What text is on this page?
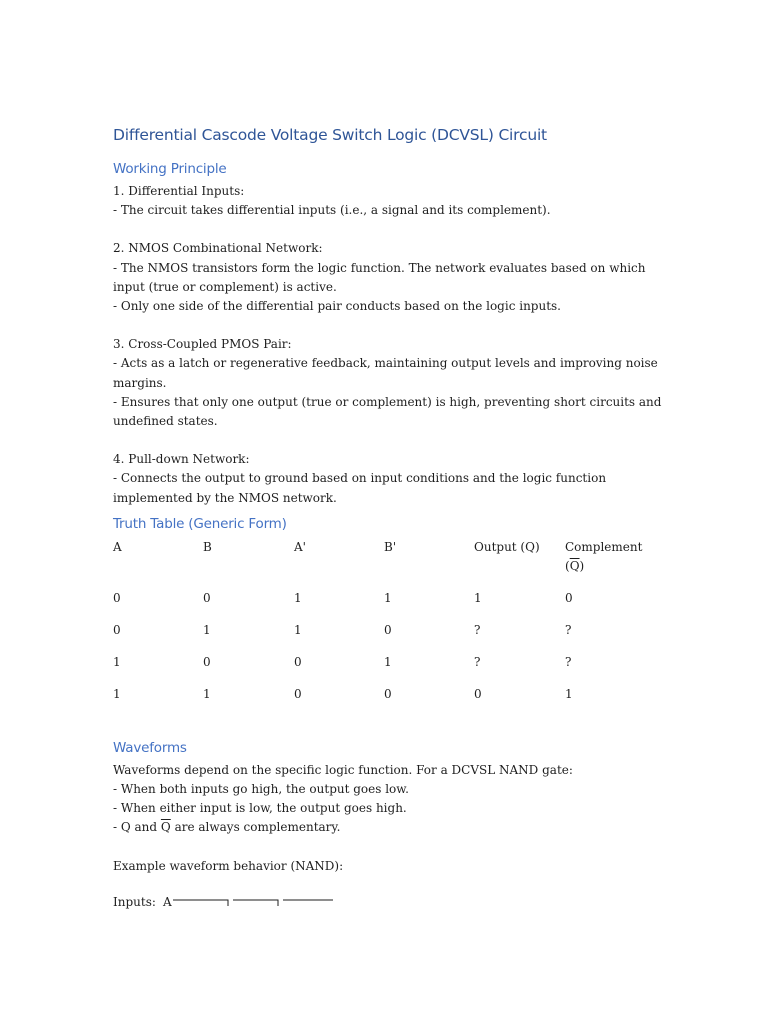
Differential Cascode Voltage Switch Logic (DCVSL) Circuit
Working Principle
1. Differential Inputs:
- The circuit takes differential inputs (i.e., a signal and its complement).
2. NMOS Combinational Network:
- The NMOS transistors form the logic function. The network evaluates based on which
input (true or complement) is active.
- Only one side of the differential pair conducts based on the logic inputs.
3. Cross-Coupled PMOS Pair:
- Acts as a latch or regenerative feedback, maintaining output levels and improving noise
margins.
- Ensures that only one output (true or complement) is high, preventing short circuits and
undefined states.
4. Pull-down Network:
- Connects the output to ground based on input conditions and the logic function
implemented by the NMOS network.
Truth Table (Generic Form)
A	B	A'	B'	Output (Q) Complement
$(\overline{Q})$
0	0	1	1	1	0
0	1	1	0	?	?
1	0	0	1	?	?
1	1	0	0	0	1
Waveforms
Waveforms depend on the specific logic function. For a DCVSL NAND gate:
- When both inputs go high, the output goes low.
- When either input is low, the output goes high.
- Q and $\overline{Q}$ are always complementary.
Example waveform behavior (NAND):
Inputs: A
